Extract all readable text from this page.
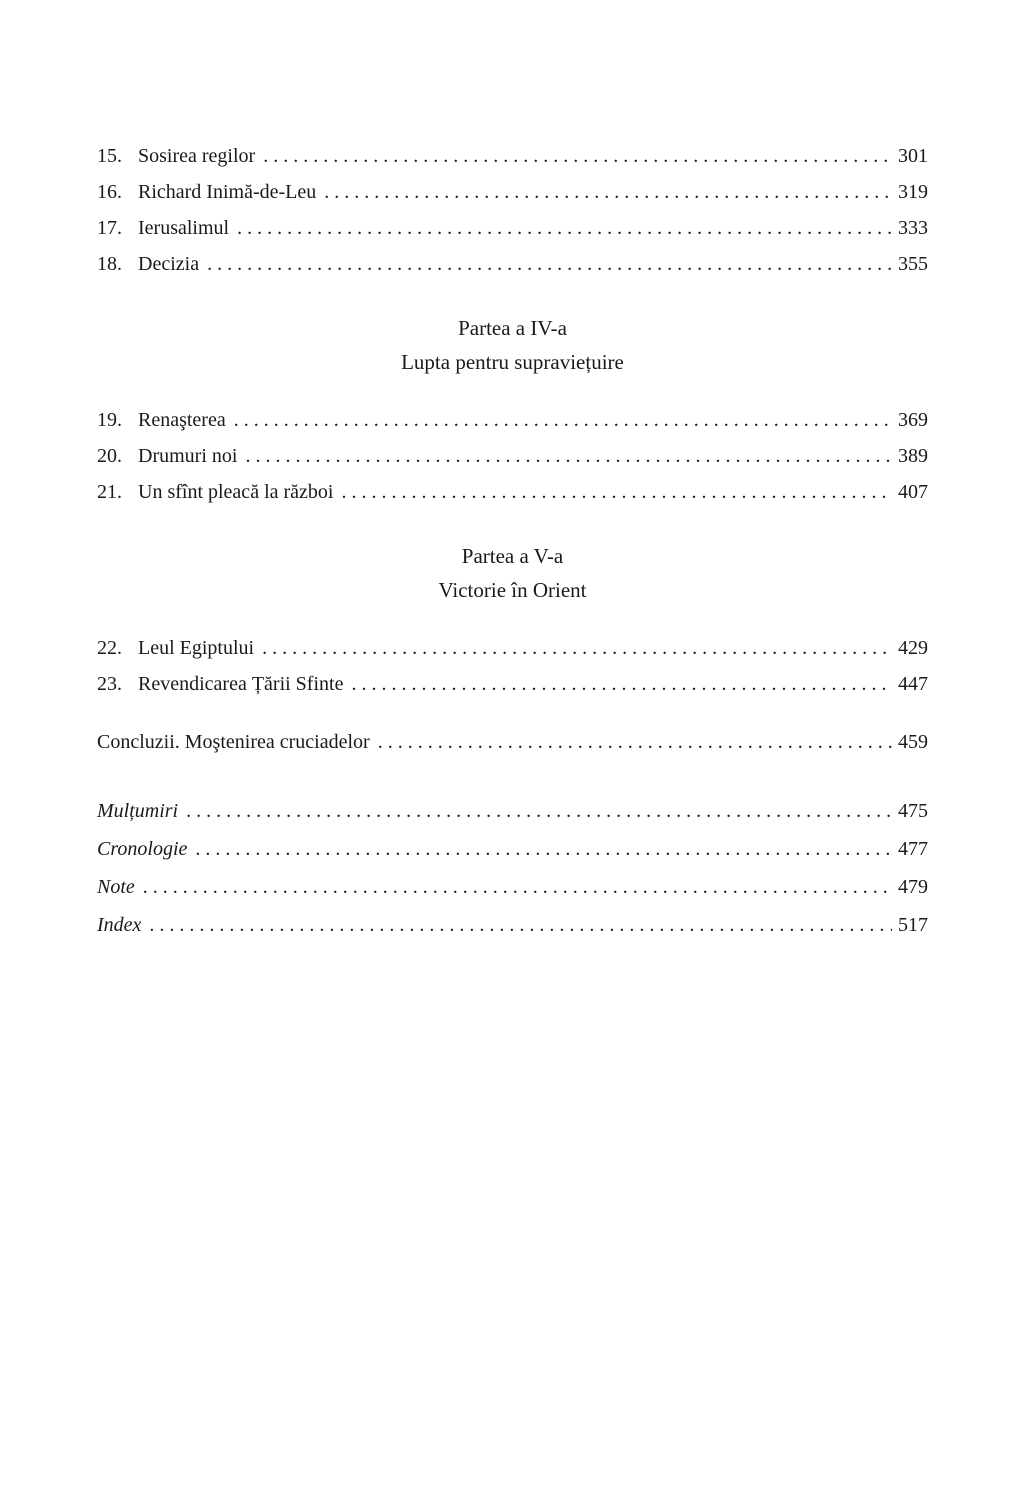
15. Sosirea regilor . . .	301
16. Richard Inimă-de-Leu . . .	319
17. Ierusalimul . . .	333
18. Decizia . . .	355
Partea a IV-a
Lupta pentru supraviețuire
19. Renaşterea . . .	369
20. Drumuri noi . . .	389
21. Un sfînt pleacă la război . . .	407
Partea a V-a
Victorie în Orient
22. Leul Egiptului . . .	429
23. Revendicarea Țării Sfinte . . .	447
Concluzii. Moştenirea cruciadelor . . .	459
Mulțumiri . . .	475
Cronologie . . .	477
Note . . .	479
Index . . .	517
